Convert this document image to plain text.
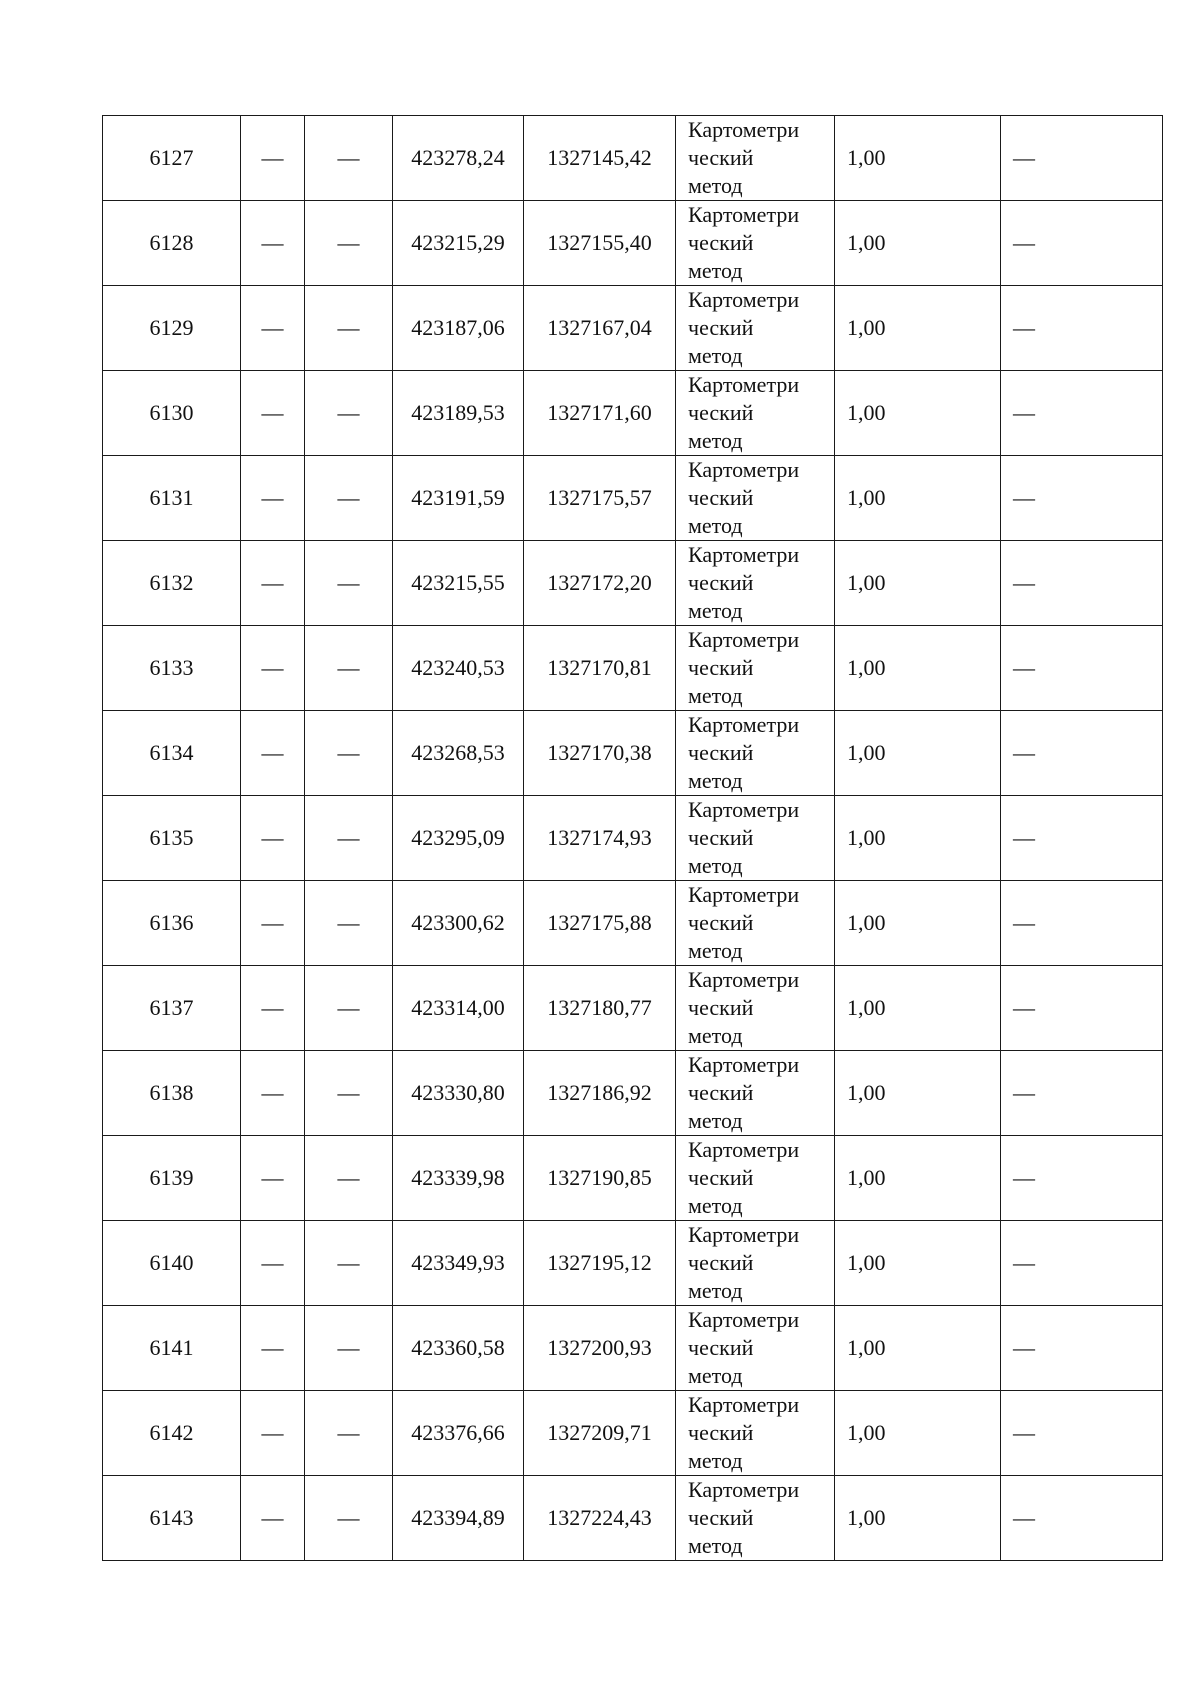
6127	—	—	423278,24	1327145,42	Картометри
ческий
метод	1,00	—
6128	—	—	423215,29	1327155,40	Картометри
ческий
метод	1,00	—
6129	—	—	423187,06	1327167,04	Картометри
ческий
метод	1,00	—
6130	—	—	423189,53	1327171,60	Картометри
ческий
метод	1,00	—
6131	—	—	423191,59	1327175,57	Картометри
ческий
метод	1,00	—
6132	—	—	423215,55	1327172,20	Картометри
ческий
метод	1,00	—
6133	—	—	423240,53	1327170,81	Картометри
ческий
метод	1,00	—
6134	—	—	423268,53	1327170,38	Картометри
ческий
метод	1,00	—
6135	—	—	423295,09	1327174,93	Картометри
ческий
метод	1,00	—
6136	—	—	423300,62	1327175,88	Картометри
ческий
метод	1,00	—
6137	—	—	423314,00	1327180,77	Картометри
ческий
метод	1,00	—
6138	—	—	423330,80	1327186,92	Картометри
ческий
метод	1,00	—
6139	—	—	423339,98	1327190,85	Картометри
ческий
метод	1,00	—
6140	—	—	423349,93	1327195,12	Картометри
ческий
метод	1,00	—
6141	—	—	423360,58	1327200,93	Картометри
ческий
метод	1,00	—
6142	—	—	423376,66	1327209,71	Картометри
ческий
метод	1,00	—
6143	—	—	423394,89	1327224,43	Картометри
ческий
метод	1,00	—
